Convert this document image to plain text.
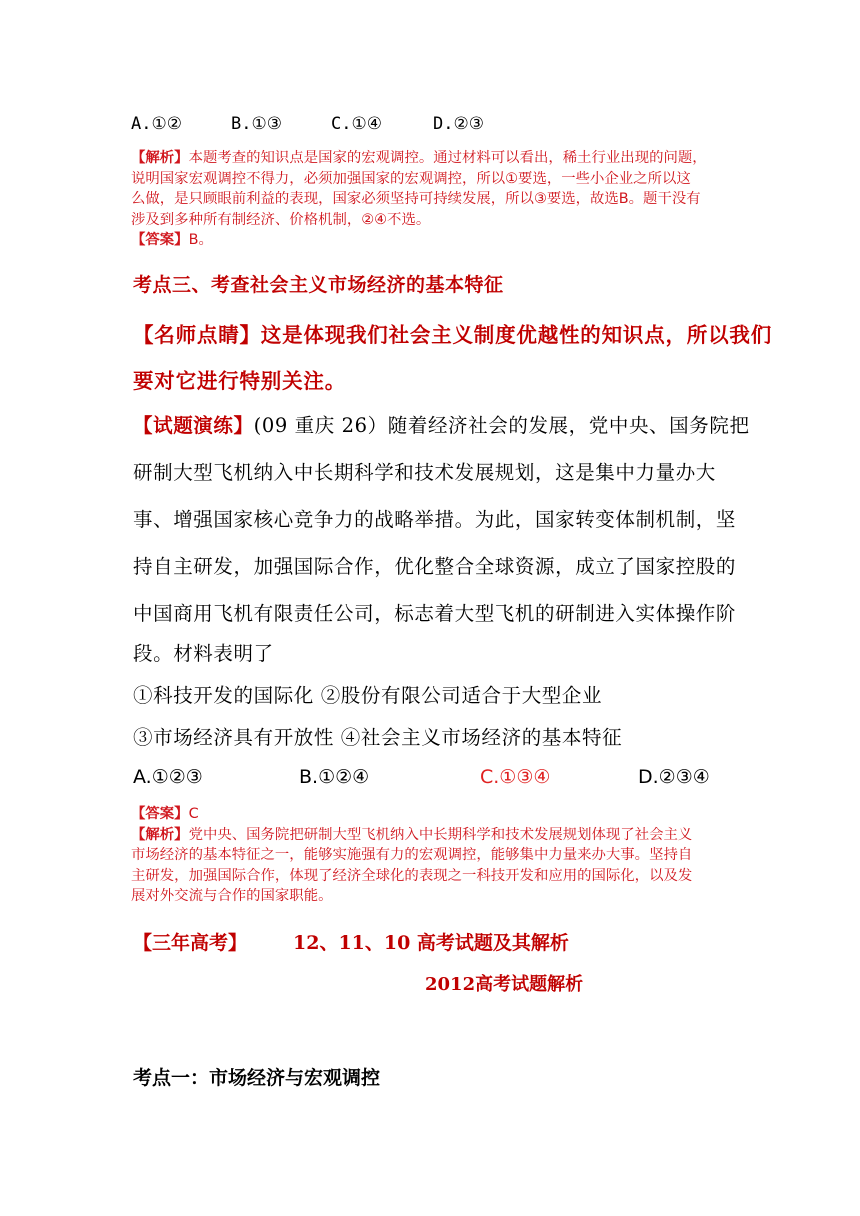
A.①②	B.①③	C.①④	D.②③
【解析】本题考查的知识点是国家的宏观调控。通过材料可以看出，稀土行业出现的问题，
说明国家宏观调控不得力，必须加强国家的宏观调控，所以①要选，一些小企业之所以这
么做，是只顾眼前利益的表现，国家必须坚持可持续发展，所以③要选，故选B。题干没有
涉及到多种所有制经济、价格机制，②④不选。
【答案】B。
考点三、考查社会主义市场经济的基本特征
【名师点睛】这是体现我们社会主义制度优越性的知识点，所以我们
要对它进行特别关注。
【试题演练】(09 重庆 26）随着经济社会的发展，党中央、国务院把
研制大型飞机纳入中长期科学和技术发展规划，这是集中力量办大
事、增强国家核心竞争力的战略举措。为此，国家转变体制机制，坚
持自主研发，加强国际合作，优化整合全球资源，成立了国家控股的
中国商用飞机有限责任公司，标志着大型飞机的研制进入实体操作阶
段。材料表明了
①科技开发的国际化 ②股份有限公司适合于大型企业
③市场经济具有开放性 ④社会主义市场经济的基本特征
A.①②③	B.①②④	C.①③④	D.②③④
【答案】C
【解析】党中央、国务院把研制大型飞机纳入中长期科学和技术发展规划体现了社会主义
市场经济的基本特征之一，能够实施强有力的宏观调控，能够集中力量来办大事。坚持自
主研发，加强国际合作，体现了经济全球化的表现之一科技开发和应用的国际化，以及发
展对外交流与合作的国家职能。
【三年高考】 12、11、10 高考试题及其解析
2012高考试题解析
考点一：市场经济与宏观调控
